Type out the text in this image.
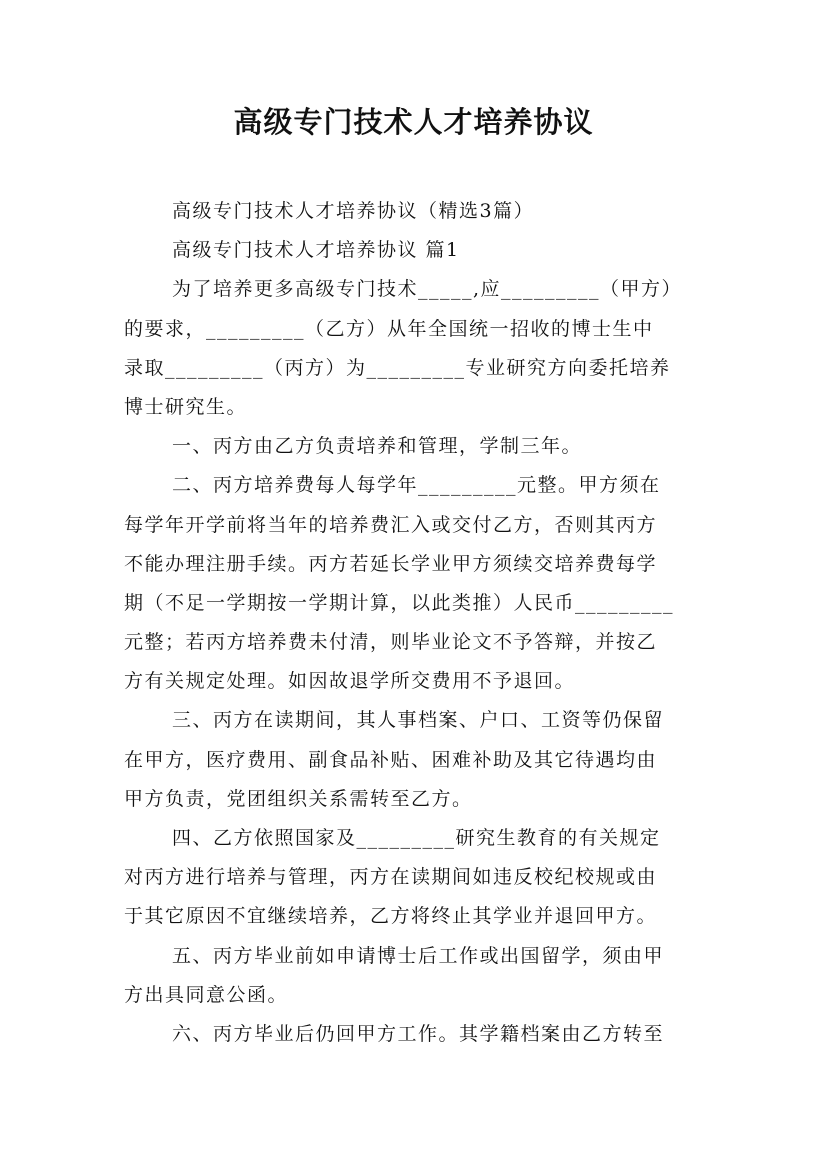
高级专门技术人才培养协议
高级专门技术人才培养协议（精选3篇）
高级专门技术人才培养协议 篇1
为了培养更多高级专门技术_____,应_________（甲方）
的要求，_________（乙方）从年全国统一招收的博士生中
录取_________（丙方）为_________专业研究方向委托培养
博士研究生。
一、丙方由乙方负责培养和管理，学制三年。
二、丙方培养费每人每学年_________元整。甲方须在
每学年开学前将当年的培养费汇入或交付乙方，否则其丙方
不能办理注册手续。丙方若延长学业甲方须续交培养费每学
期（不足一学期按一学期计算，以此类推）人民币_________
元整；若丙方培养费未付清，则毕业论文不予答辩，并按乙
方有关规定处理。如因故退学所交费用不予退回。
三、丙方在读期间，其人事档案、户口、工资等仍保留
在甲方，医疗费用、副食品补贴、困难补助及其它待遇均由
甲方负责，党团组织关系需转至乙方。
四、乙方依照国家及_________研究生教育的有关规定
对丙方进行培养与管理，丙方在读期间如违反校纪校规或由
于其它原因不宜继续培养，乙方将终止其学业并退回甲方。
五、丙方毕业前如申请博士后工作或出国留学，须由甲
方出具同意公函。
六、丙方毕业后仍回甲方工作。其学籍档案由乙方转至
